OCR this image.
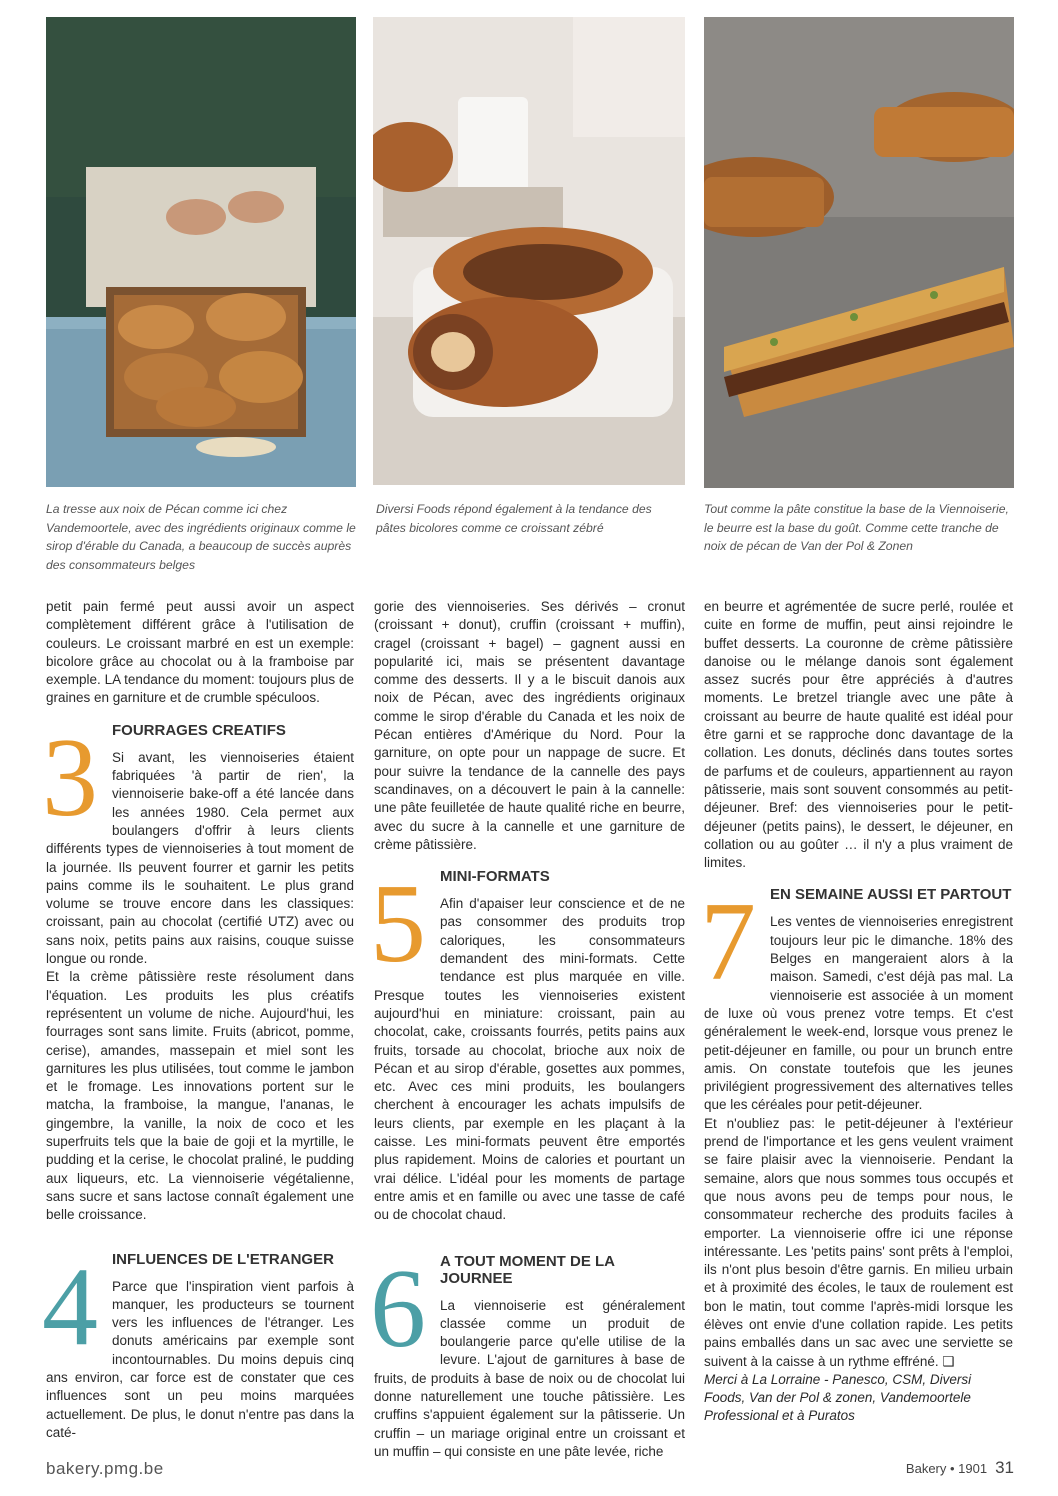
La tresse aux noix de Pécan comme ici chez Vandemoortele, avec des ingrédients originaux comme le sirop d'érable du Canada, a beaucoup de succès auprès des consommateurs belges
Diversi Foods répond également à la tendance des pâtes bicolores comme ce croissant zébré
Tout comme la pâte constitue la base de la Viennoiserie, le beurre est la base du goût. Comme cette tranche de noix de pécan de Van der Pol & Zonen

petit pain fermé peut aussi avoir un aspect complètement différent grâce à l'utilisation de couleurs. Le croissant marbré en est un exemple: bicolore grâce au chocolat ou à la framboise par exemple. LA tendance du moment: toujours plus de graines en garniture et de crumble spéculoos.

3 FOURRAGES CREATIFS

Si avant, les viennoiseries étaient fabriquées 'à partir de rien', la viennoiserie bake-off a été lancée dans les années 1980. Cela permet aux boulangers d'offrir à leurs clients différents types de viennoiseries à tout moment de la journée. Ils peuvent fourrer et garnir les petits pains comme ils le souhaitent. Le plus grand volume se trouve encore dans les classiques: croissant, pain au chocolat (certifié UTZ) avec ou sans noix, petits pains aux raisins, couque suisse longue ou ronde.

Et la crème pâtissière reste résolument dans l'équation. Les produits les plus créatifs représentent un volume de niche. Aujourd'hui, les fourrages sont sans limite. Fruits (abricot, pomme, cerise), amandes, massepain et miel sont les garnitures les plus utilisées, tout comme le jambon et le fromage. Les innovations portent sur le matcha, la framboise, la mangue, l'ananas, le gingembre, la vanille, la noix de coco et les superfruits tels que la baie de goji et la myrtille, le pudding et la cerise, le chocolat praliné, le pudding aux liqueurs, etc. La viennoiserie végétalienne, sans sucre et sans lactose connaît également une belle croissance.

4 INFLUENCES DE L'ETRANGER

Parce que l'inspiration vient parfois à manquer, les producteurs se tournent vers les influences de l'étranger. Les donuts américains par exemple sont incontournables. Du moins depuis cinq ans environ, car force est de constater que ces influences sont un peu moins marquées actuellement. De plus, le donut n'entre pas dans la caté-

gorie des viennoiseries. Ses dérivés – cronut (croissant + donut), cruffin (croissant + muffin), cragel (croissant + bagel) – gagnent aussi en popularité ici, mais se présentent davantage comme des desserts. Il y a le biscuit danois aux noix de Pécan, avec des ingrédients originaux comme le sirop d'érable du Canada et les noix de Pécan entières d'Amérique du Nord. Pour la garniture, on opte pour un nappage de sucre. Et pour suivre la tendance de la cannelle des pays scandinaves, on a découvert le pain à la cannelle: une pâte feuilletée de haute qualité riche en beurre, avec du sucre à la cannelle et une garniture de crème pâtissière.

5 MINI-FORMATS

Afin d'apaiser leur conscience et de ne pas consommer des produits trop caloriques, les consommateurs demandent des mini-formats. Cette tendance est plus marquée en ville. Presque toutes les viennoiseries existent aujourd'hui en miniature: croissant, pain au chocolat, cake, croissants fourrés, petits pains aux fruits, torsade au chocolat, brioche aux noix de Pécan et au sirop d'érable, gosettes aux pommes, etc. Avec ces mini produits, les boulangers cherchent à encourager les achats impulsifs de leurs clients, par exemple en les plaçant à la caisse. Les mini-formats peuvent être emportés plus rapidement. Moins de calories et pourtant un vrai délice. L'idéal pour les moments de partage entre amis et en famille ou avec une tasse de café ou de chocolat chaud.

6 A TOUT MOMENT DE LA JOURNEE

La viennoiserie est généralement classée comme un produit de boulangerie parce qu'elle utilise de la levure. L'ajout de garnitures à base de fruits, de produits à base de noix ou de chocolat lui donne naturellement une touche pâtissière. Les cruffins s'appuient également sur la pâtisserie. Un cruffin – un mariage original entre un croissant et un muffin – qui consiste en une pâte levée, riche

en beurre et agrémentée de sucre perlé, roulée et cuite en forme de muffin, peut ainsi rejoindre le buffet desserts. La couronne de crème pâtissière danoise ou le mélange danois sont également assez sucrés pour être appréciés à d'autres moments. Le bretzel triangle avec une pâte à croissant au beurre de haute qualité est idéal pour être garni et se rapproche donc davantage de la collation. Les donuts, déclinés dans toutes sortes de parfums et de couleurs, appartiennent au rayon pâtisserie, mais sont souvent consommés au petit-déjeuner. Bref: des viennoiseries pour le petit-déjeuner (petits pains), le dessert, le déjeuner, en collation ou au goûter … il n'y a plus vraiment de limites.

7 EN SEMAINE AUSSI ET PARTOUT

Les ventes de viennoiseries enregistrent toujours leur pic le dimanche. 18% des Belges en mangeraient alors à la maison. Samedi, c'est déjà pas mal. La viennoiserie est associée à un moment de luxe où vous prenez votre temps. Et c'est généralement le week-end, lorsque vous prenez le petit-déjeuner en famille, ou pour un brunch entre amis. On constate toutefois que les jeunes privilégient progressivement des alternatives telles que les céréales pour petit-déjeuner.

Et n'oubliez pas: le petit-déjeuner à l'extérieur prend de l'importance et les gens veulent vraiment se faire plaisir avec la viennoiserie. Pendant la semaine, alors que nous sommes tous occupés et que nous avons peu de temps pour nous, le consommateur recherche des produits faciles à emporter. La viennoiserie offre ici une réponse intéressante. Les 'petits pains' sont prêts à l'emploi, ils n'ont plus besoin d'être garnis. En milieu urbain et à proximité des écoles, le taux de roulement est bon le matin, tout comme l'après-midi lorsque les élèves ont envie d'une collation rapide. Les petits pains emballés dans un sac avec une serviette se suivent à la caisse à un rythme effréné. ❑

Merci à La Lorraine - Panesco, CSM, Diversi Foods, Van der Pol & zonen, Vandemoortele Professional et à Puratos

bakery.pmg.be	Bakery • 1901 31
